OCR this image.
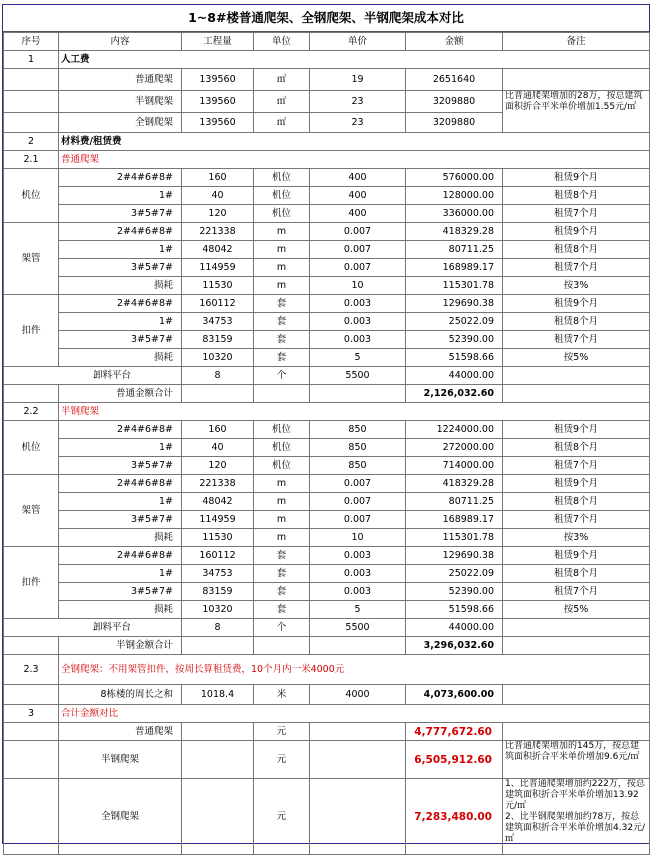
1~8#楼普通爬架、全钢爬架、半钢爬架成本对比
序号	内容	工程量	单位	单价	金额	备注
1	人工费					
	普通爬架	139560	㎡	19	2651640	
	半钢爬架	139560	㎡	23	3209880	比普通爬架增加的28万，按总建筑面积折合平米单价增加1.55元/㎡
	全钢爬架	139560	㎡	23	3209880	
2	材料费/租赁费					
2.1	普通爬架					
机位	2#4#6#8#	160	机位	400	576000.00	租赁9个月
	1#	40	机位	400	128000.00	租赁8个月
	3#5#7#	120	机位	400	336000.00	租赁7个月
架管	2#4#6#8#	221338	m	0.007	418329.28	租赁9个月
	1#	48042	m	0.007	80711.25	租赁8个月
	3#5#7#	114959	m	0.007	168989.17	租赁7个月
	损耗	11530	m	10	115301.78	按3%
扣件	2#4#6#8#	160112	套	0.003	129690.38	租赁9个月
	1#	34753	套	0.003	25022.09	租赁8个月
	3#5#7#	83159	套	0.003	52390.00	租赁7个月
	损耗	10320	套	5	51598.66	按5%
卸料平台		8	个	5500	44000.00	
	普通金额合计				2,126,032.60	
2.2	半钢爬架					
机位	2#4#6#8#	160	机位	850	1224000.00	租赁9个月
	1#	40	机位	850	272000.00	租赁8个月
	3#5#7#	120	机位	850	714000.00	租赁7个月
架管	2#4#6#8#	221338	m	0.007	418329.28	租赁9个月
	1#	48042	m	0.007	80711.25	租赁8个月
	3#5#7#	114959	m	0.007	168989.17	租赁7个月
	损耗	11530	m	10	115301.78	按3%
扣件	2#4#6#8#	160112	套	0.003	129690.38	租赁9个月
	1#	34753	套	0.003	25022.09	租赁8个月
	3#5#7#	83159	套	0.003	52390.00	租赁7个月
	损耗	10320	套	5	51598.66	按5%
卸料平台		8	个	5500	44000.00	
	半钢金额合计				3,296,032.60	
2.3	全钢爬架：不用架管扣件，按周长算租赁费，10个月内一米4000元					
	8栋楼的周长之和	1018.4	米	4000	4,073,600.00	
3	合计金额对比					
	普通爬架		元		4,777,672.60	
	半钢爬架		元		6,505,912.60	比普通爬架增加的145万，按总建筑面积折合平米单价增加9.6元/㎡
	全钢爬架		元		7,283,480.00	1、比普通爬架增加约222万，按总建筑面积折合平米单价增加13.92元/㎡
2、比半钢爬架增加约78万，按总建筑面积折合平米单价增加4.32元/㎡
